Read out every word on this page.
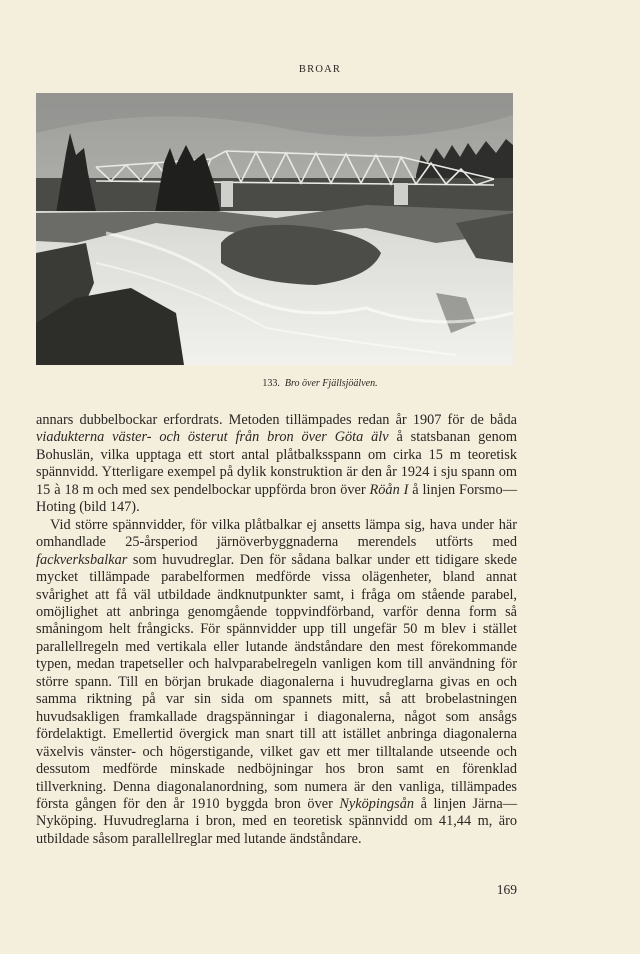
BROAR
133. Bro över Fjällsjöälven.

annars dubbelbockar erfordrats. Metoden tillämpades redan år 1907 för de båda viadukterna väster- och österut från bron över Göta älv å statsbanan genom Bohuslän, vilka upptaga ett stort antal plåtbalksspann om cirka 15 m teoretisk spännvidd. Ytterligare exempel på dylik konstruktion är den år 1924 i sju spann om 15 à 18 m och med sex pendelbockar uppförda bron över Röån I å linjen Forsmo—Hoting (bild 147).

Vid större spännvidder, för vilka plåtbalkar ej ansetts lämpa sig, hava under här omhandlade 25-årsperiod järnöverbyggnaderna merendels utförts med fackverksbalkar som huvudreglar. Den för sådana balkar under ett tidigare skede mycket tillämpade parabelformen medförde vissa olägenheter, bland annat svårighet att få väl utbildade ändknutpunkter samt, i fråga om stående parabel, omöjlighet att anbringa genomgående toppvindförband, varför denna form så småningom helt frångicks. För spännvidder upp till ungefär 50 m blev i stället parallellregeln med vertikala eller lutande ändståndare den mest förekommande typen, medan trapetseller och halvparabelregeln vanligen kom till användning för större spann. Till en början brukade diagonalerna i huvudreglarna givas en och samma riktning på var sin sida om spannets mitt, så att brobelastningen huvudsakligen framkallade dragspänningar i diagonalerna, något som ansågs fördelaktigt. Emellertid övergick man snart till att istället anbringa diagonalerna växelvis vänster- och högerstigande, vilket gav ett mer tilltalande utseende och dessutom medförde minskade nedböjningar hos bron samt en förenklad tillverkning. Denna diagonalanordning, som numera är den vanliga, tillämpades första gången för den år 1910 byggda bron över Nyköpingsån å linjen Järna—Nyköping. Huvudreglarna i bron, med en teoretisk spännvidd om 41,44 m, äro utbildade såsom parallellreglar med lutande ändståndare.

169
